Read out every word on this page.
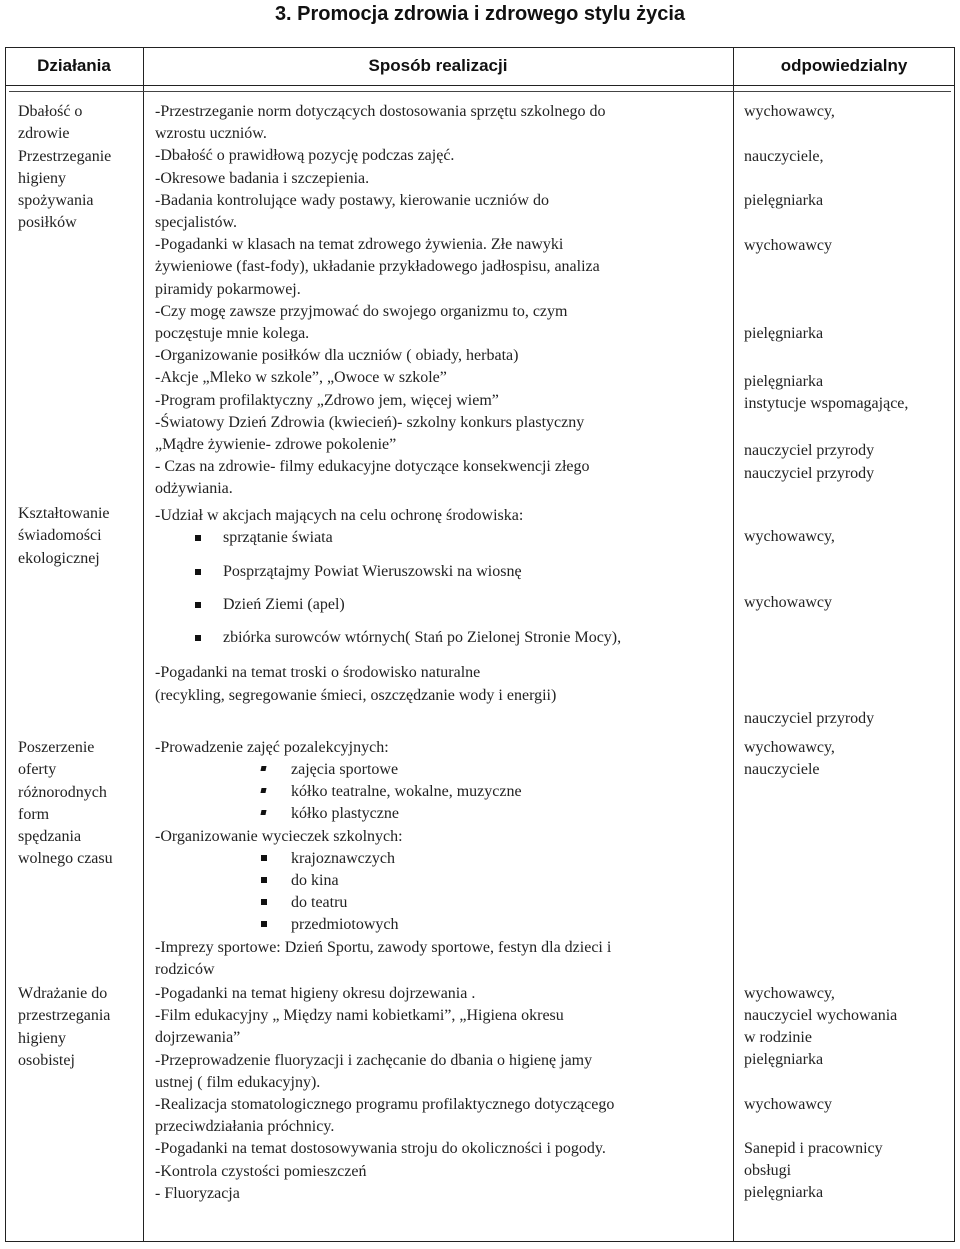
3. Promocja zdrowia i zdrowego stylu życia
Działania	Sposób realizacji	odpowiedzialny
Dbałość o
zdrowie
Przestrzeganie
higieny
spożywania
posiłków
-Przestrzeganie norm dotyczących dostosowania sprzętu szkolnego do
wzrostu uczniów.
-Dbałość o prawidłową pozycję podczas zajęć.
-Okresowe badania i szczepienia.
-Badania kontrolujące wady postawy, kierowanie uczniów do
specjalistów.
-Pogadanki w klasach na temat zdrowego żywienia. Złe nawyki
żywieniowe (fast-fody), układanie przykładowego jadłospisu, analiza
piramidy pokarmowej.
-Czy mogę zawsze przyjmować do swojego organizmu to, czym
poczęstuje mnie kolega.
-Organizowanie posiłków dla uczniów ( obiady, herbata)
-Akcje „Mleko w szkole”, „Owoce w szkole”
-Program profilaktyczny „Zdrowo jem, więcej wiem”
-Światowy Dzień Zdrowia (kwiecień)- szkolny konkurs plastyczny
„Mądre żywienie- zdrowe pokolenie”
- Czas na zdrowie- filmy edukacyjne dotyczące konsekwencji złego
odżywiania.
wychowawcy,
nauczyciele,
pielęgniarka
wychowawcy
pielęgniarka
pielęgniarka
instytucje wspomagające,
nauczyciel przyrody
nauczyciel przyrody
Kształtowanie
świadomości
ekologicznej
-Udział w akcjach mających na celu ochronę środowiska:
sprzątanie świata
Posprzątajmy Powiat Wieruszowski na wiosnę
Dzień Ziemi (apel)
zbiórka surowców wtórnych( Stań po Zielonej Stronie Mocy),
-Pogadanki na temat troski o środowisko naturalne
(recykling, segregowanie śmieci, oszczędzanie wody i energii)
wychowawcy,
wychowawcy
nauczyciel przyrody
Poszerzenie
oferty
różnorodnych
form
spędzania
wolnego czasu
-Prowadzenie zajęć pozalekcyjnych:
zajęcia sportowe
kółko teatralne, wokalne, muzyczne
kółko plastyczne
-Organizowanie wycieczek szkolnych:
krajoznawczych
do kina
do teatru
przedmiotowych
-Imprezy sportowe: Dzień Sportu, zawody sportowe, festyn dla dzieci i
rodziców
wychowawcy,
nauczyciele
Wdrażanie do
przestrzegania
higieny
osobistej
-Pogadanki na temat higieny okresu dojrzewania .
-Film edukacyjny „ Między nami kobietkami”, „Higiena okresu
dojrzewania”
-Przeprowadzenie fluoryzacji i zachęcanie do dbania o higienę jamy
ustnej ( film edukacyjny).
-Realizacja stomatologicznego programu profilaktycznego dotyczącego
przeciwdziałania próchnicy.
-Pogadanki na temat dostosowywania stroju do okoliczności i pogody.
-Kontrola czystości pomieszczeń
- Fluoryzacja
wychowawcy,
nauczyciel wychowania
w rodzinie
pielęgniarka
wychowawcy
Sanepid i pracownicy
obsługi
pielęgniarka
